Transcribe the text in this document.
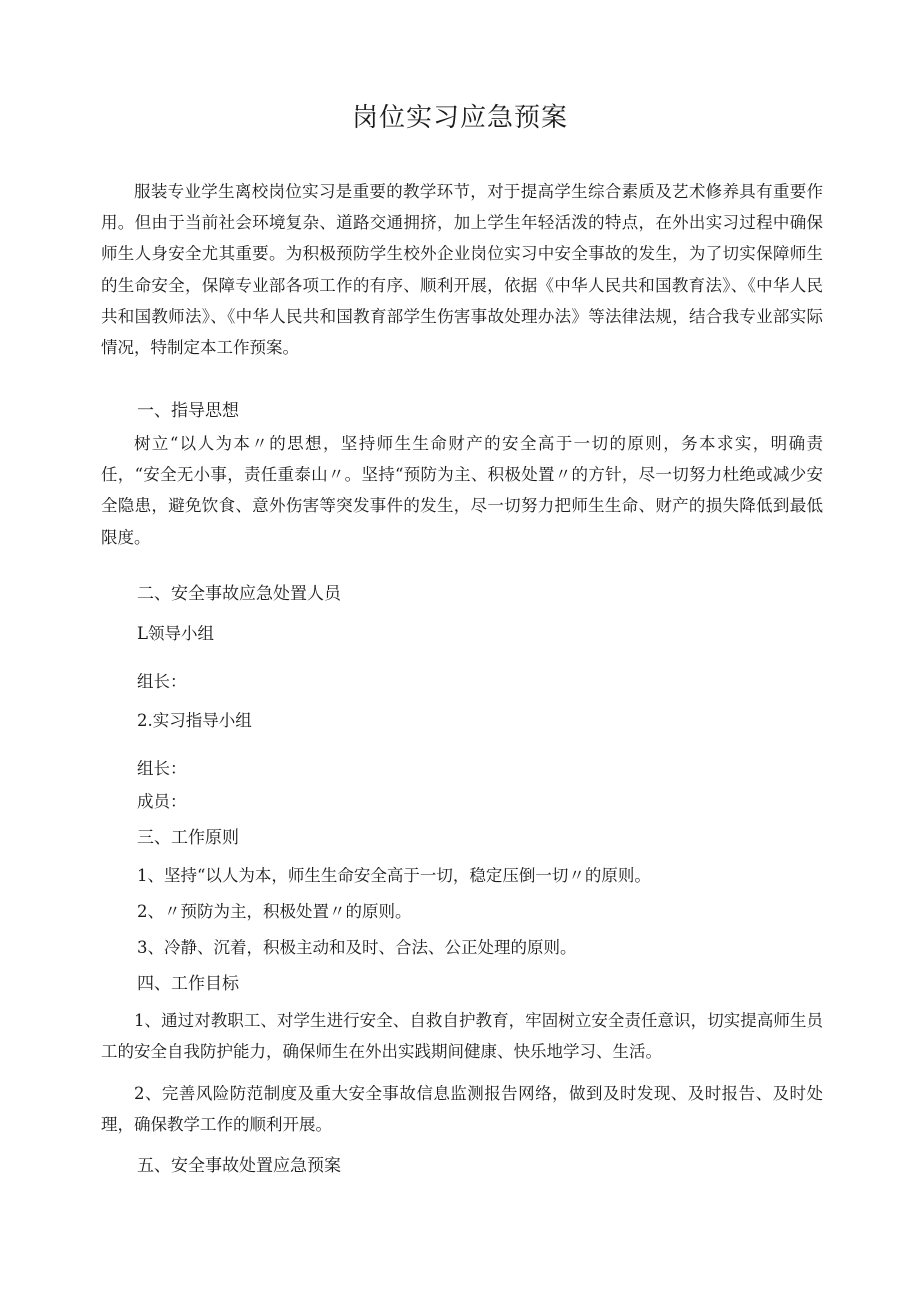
岗位实习应急预案

服装专业学生离校岗位实习是重要的教学环节，对于提高学生综合素质及艺术修养具有重要作用。但由于当前社会环境复杂、道路交通拥挤，加上学生年轻活泼的特点，在外出实习过程中确保师生人身安全尤其重要。为积极预防学生校外企业岗位实习中安全事故的发生，为了切实保障师生的生命安全，保障专业部各项工作的有序、顺利开展，依据《中华人民共和国教育法》、《中华人民共和国教师法》、《中华人民共和国教育部学生伤害事故处理办法》等法律法规，结合我专业部实际情况，特制定本工作预案。

一、指导思想

树立“以人为本〃的思想，坚持师生生命财产的安全高于一切的原则，务本求实，明确责任，“安全无小事，责任重泰山〃。坚持“预防为主、积极处置〃的方针，尽一切努力杜绝或减少安全隐患，避免饮食、意外伤害等突发事件的发生，尽一切努力把师生生命、财产的损失降低到最低限度。

二、安全事故应急处置人员

L领导小组

组长：

2.实习指导小组

组长：

成员：

三、工作原则

1、坚持“以人为本，师生生命安全高于一切，稳定压倒一切〃的原则。

2、〃预防为主，积极处置〃的原则。

3、冷静、沉着，积极主动和及时、合法、公正处理的原则。

四、工作目标

1、通过对教职工、对学生进行安全、自救自护教育，牢固树立安全责任意识，切实提高师生员工的安全自我防护能力，确保师生在外出实践期间健康、快乐地学习、生活。

2、完善风险防范制度及重大安全事故信息监测报告网络，做到及时发现、及时报告、及时处理，确保教学工作的顺利开展。

五、安全事故处置应急预案
